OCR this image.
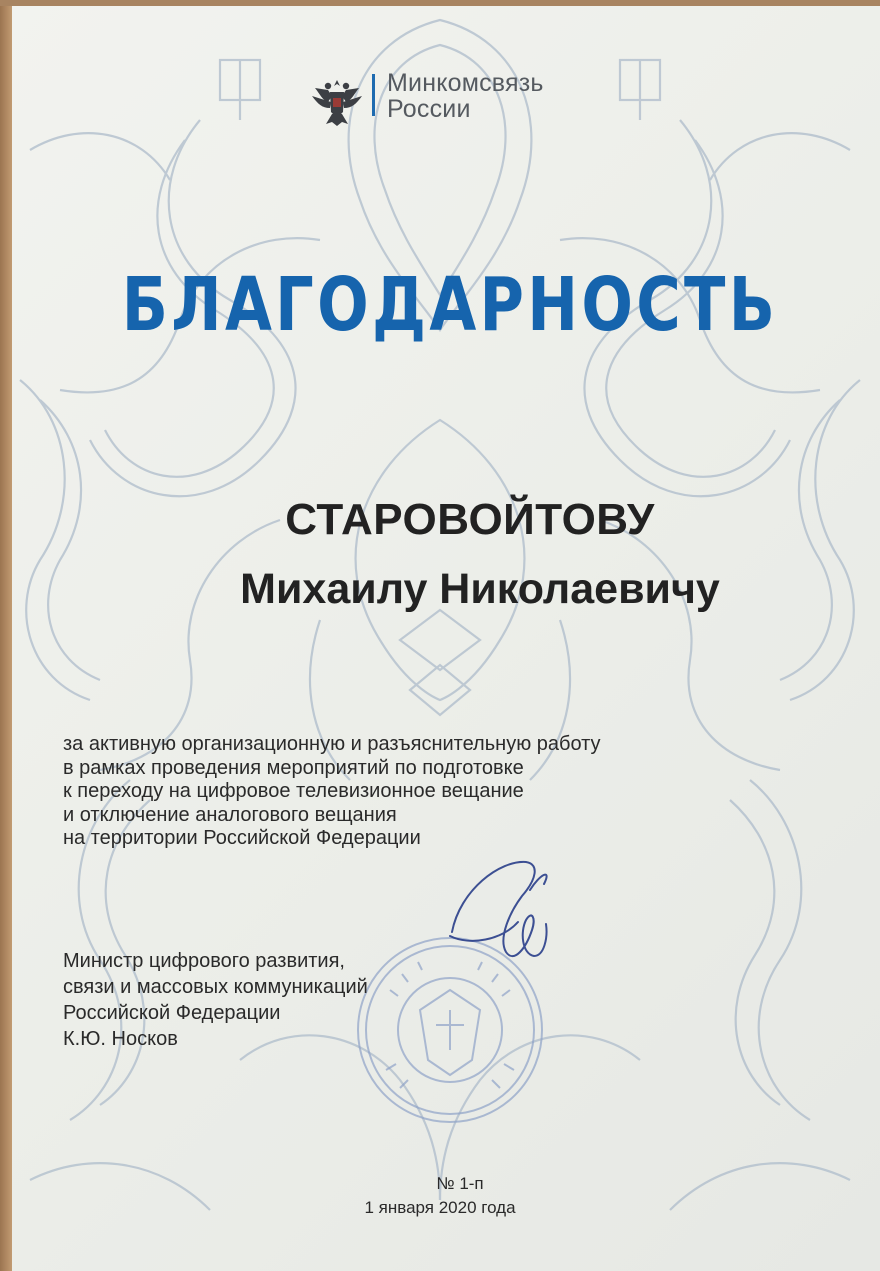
Минкомсвязь
России
БЛАГОДАРНОСТЬ
СТАРОВОЙТОВУ
Михаилу Николаевичу
за активную организационную и разъяснительную работу
в рамках проведения мероприятий по подготовке
к переходу на цифровое телевизионное вещание
и отключение аналогового вещания
на территории Российской Федерации
Министр цифрового развития,
связи и массовых коммуникаций
Российской Федерации
К.Ю. Носков
№ 1-п
1 января 2020 года
